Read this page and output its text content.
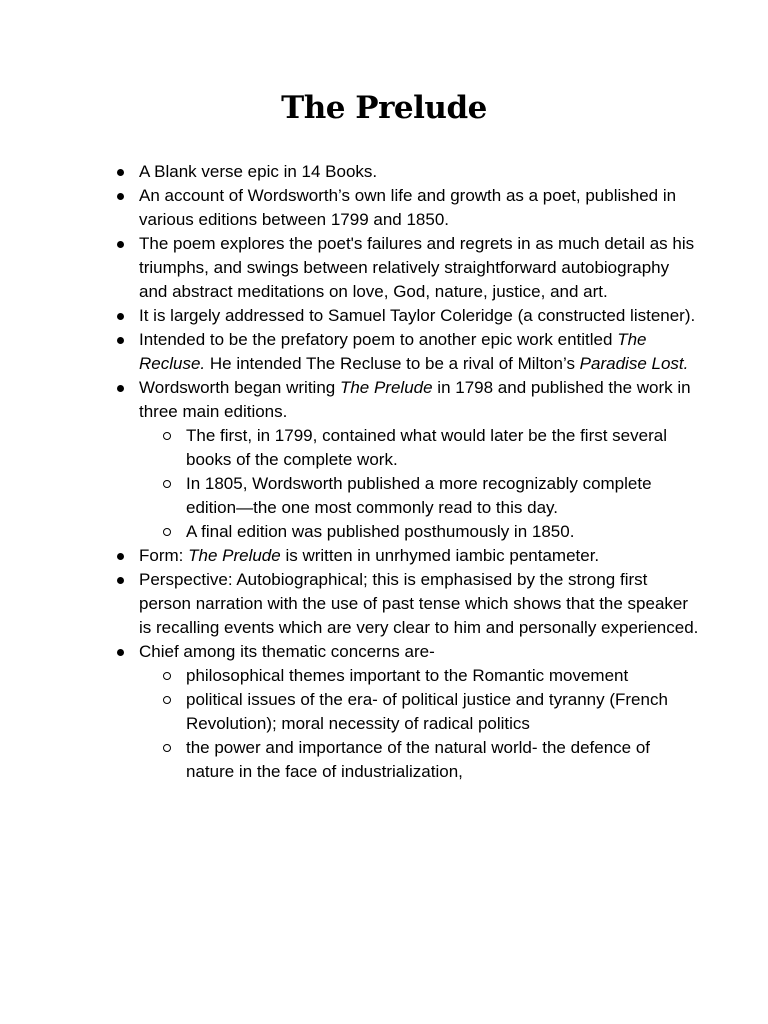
The Prelude
A Blank verse epic in 14 Books.
An account of Wordsworth’s own life and growth as a poet, published in various editions between 1799 and 1850.
The poem explores the poet's failures and regrets in as much detail as his triumphs, and swings between relatively straightforward autobiography and abstract meditations on love, God, nature, justice, and art.
It is largely addressed to Samuel Taylor Coleridge (a constructed listener).
Intended to be the prefatory poem to another epic work entitled The Recluse. He intended The Recluse to be a rival of Milton’s Paradise Lost.
Wordsworth began writing The Prelude in 1798 and published the work in three main editions.
The first, in 1799, contained what would later be the first several books of the complete work.
In 1805, Wordsworth published a more recognizably complete edition—the one most commonly read to this day.
A final edition was published posthumously in 1850.
Form: The Prelude is written in unrhymed iambic pentameter.
Perspective: Autobiographical; this is emphasised by the strong first person narration with the use of past tense which shows that the speaker is recalling events which are very clear to him and personally experienced.
Chief among its thematic concerns are-
philosophical themes important to the Romantic movement
political issues of the era- of political justice and tyranny (French Revolution); moral necessity of radical politics
the power and importance of the natural world- the defence of nature in the face of industrialization,
